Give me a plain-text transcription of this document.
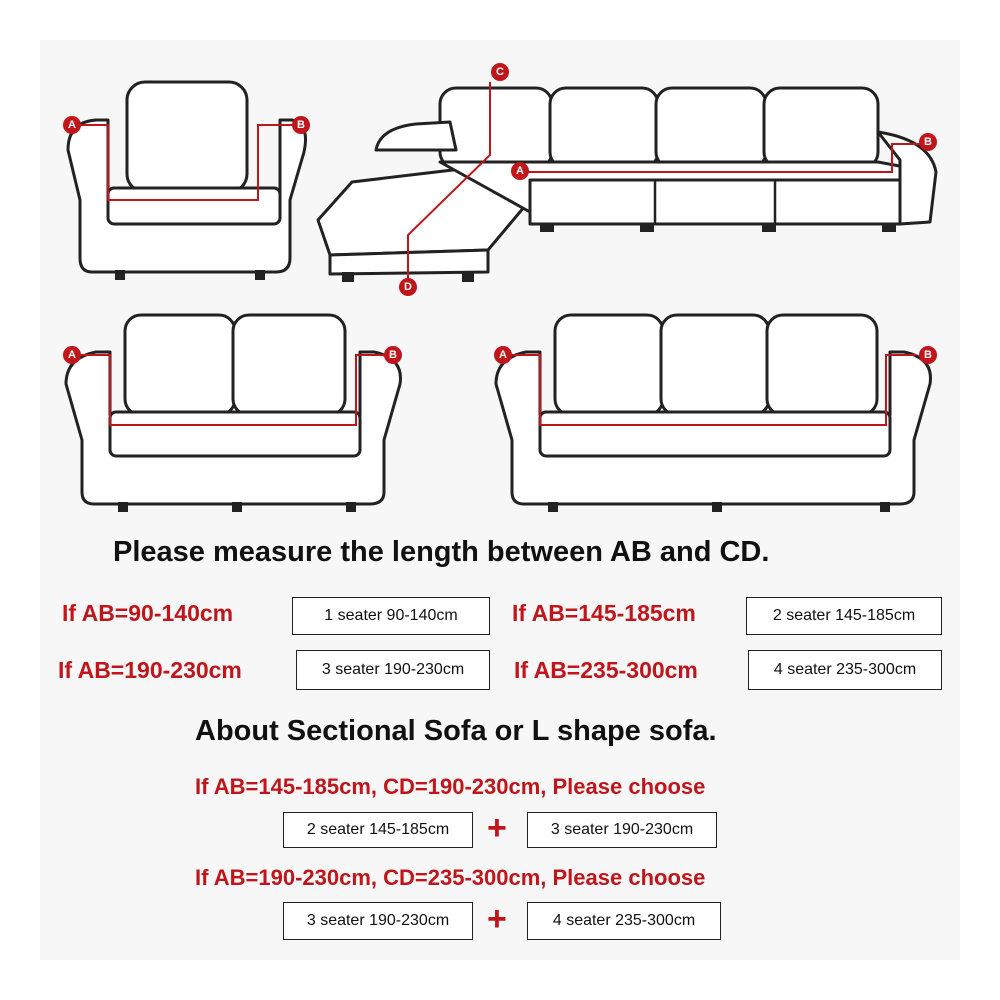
A	B
C
A
B
D
A	B	A	B
Please measure the length between AB and CD.
If AB=90-140cm	1 seater 90-140cm	If AB=145-185cm	2 seater 145-185cm
If AB=190-230cm	3 seater 190-230cm	If AB=235-300cm	4 seater 235-300cm
About Sectional Sofa or L shape sofa.
If AB=145-185cm, CD=190-230cm, Please choose
2 seater 145-185cm	+	3 seater 190-230cm
If AB=190-230cm, CD=235-300cm, Please choose
3 seater 190-230cm	+	4 seater 235-300cm
